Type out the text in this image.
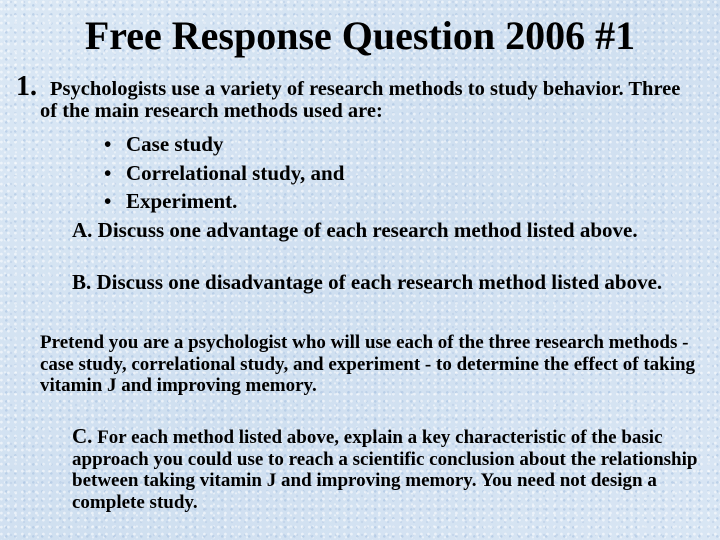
Free Response Question 2006 #1
1. Psychologists use a variety of research methods to study behavior. Three of the main research methods used are:
• Case study
• Correlational study, and
• Experiment.
A. Discuss one advantage of each research method listed above.
B. Discuss one disadvantage of each research method listed above.
Pretend you are a psychologist who will use each of the three research methods - case study, correlational study, and experiment - to determine the effect of taking vitamin J and improving memory.
C. For each method listed above, explain a key characteristic of the basic approach you could use to reach a scientific conclusion about the relationship between taking vitamin J and improving memory. You need not design a complete study.
